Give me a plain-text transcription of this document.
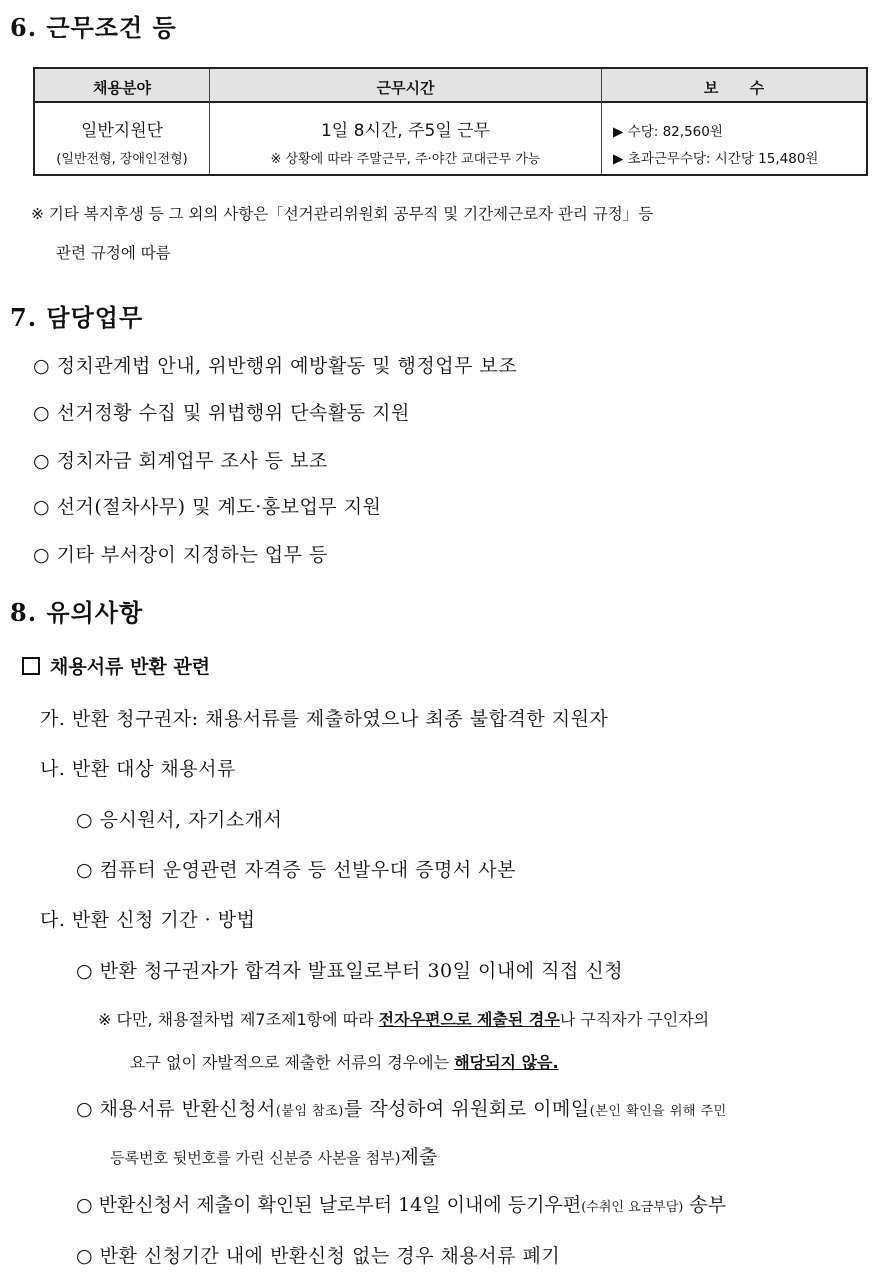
6. 근무조건 등
채용분야	근무시간	보      수
일반지원단
(일반전형, 장애인전형)
1일 8시간, 주5일 근무
※ 상황에 따라 주말근무, 주·야간 교대근무 가능
▶ 수당: 82,560원
▶ 초과근무수당: 시간당 15,480원
※ 기타 복지후생 등 그 외의 사항은「선거관리위원회 공무직 및 기간제근로자 관리 규정」등
관련 규정에 따름
7. 담당업무
○ 정치관계법 안내, 위반행위 예방활동 및 행정업무 보조
○ 선거정황 수집 및 위법행위 단속활동 지원
○ 정치자금 회계업무 조사 등 보조
○ 선거(절차사무) 및 계도·홍보업무 지원
○ 기타 부서장이 지정하는 업무 등
8. 유의사항
채용서류 반환 관련
가. 반환 청구권자: 채용서류를 제출하였으나 최종 불합격한 지원자
나. 반환 대상 채용서류
○ 응시원서, 자기소개서
○ 컴퓨터 운영관련 자격증 등 선발우대 증명서 사본
다. 반환 신청 기간 · 방법
○ 반환 청구권자가 합격자 발표일로부터 30일 이내에 직접 신청
※ 다만, 채용절차법 제7조제1항에 따라 전자우편으로 제출된 경우나 구직자가 구인자의
요구 없이 자발적으로 제출한 서류의 경우에는 해당되지 않음.
○ 채용서류 반환신청서(붙임 참조)를 작성하여 위원회로 이메일(본인 확인을 위해 주민
등록번호 뒷번호를 가린 신분증 사본을 첨부)제출
○ 반환신청서 제출이 확인된 날로부터 14일 이내에 등기우편(수취인 요금부담) 송부
○ 반환 신청기간 내에 반환신청 없는 경우 채용서류 폐기
